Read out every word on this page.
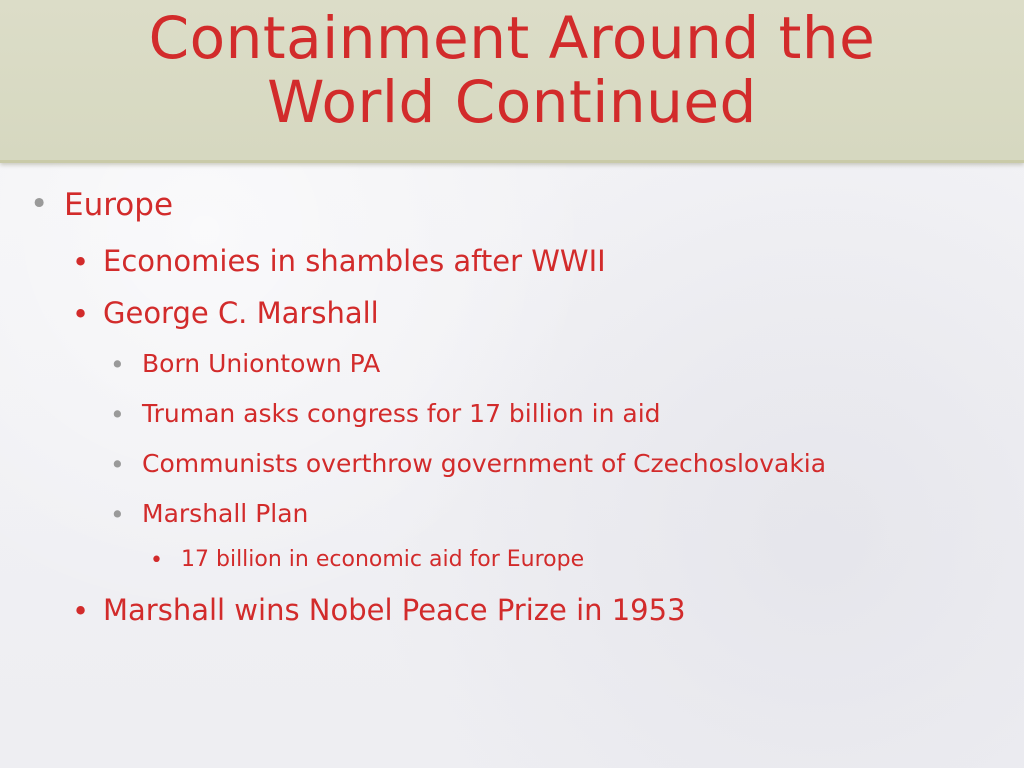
Containment Around the
World Continued
• Europe

• Economies in shambles after WWII

• George C. Marshall

• Born Uniontown PA

• Truman asks congress for 17 billion in aid

• Communists overthrow government of Czechoslovakia

• Marshall Plan

• 17 billion in economic aid for Europe

• Marshall wins Nobel Peace Prize in 1953
